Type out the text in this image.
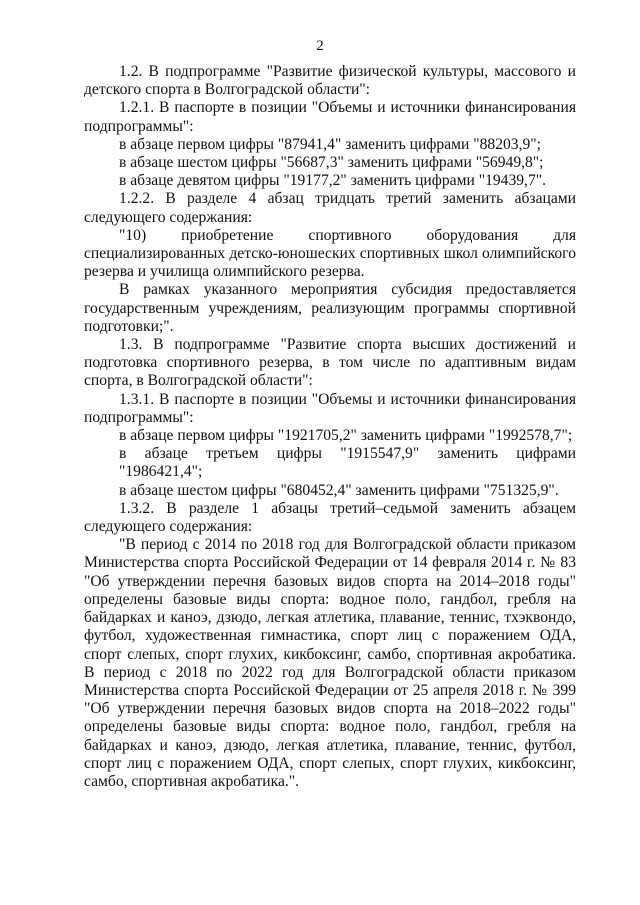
2

1.2. В подпрограмме "Развитие физической культуры, массового и детского спорта в Волгоградской области":

1.2.1. В паспорте в позиции "Объемы и источники финансирования подпрограммы":

в абзаце первом цифры "87941,4" заменить цифрами "88203,9";

в абзаце шестом цифры "56687,3" заменить цифрами "56949,8";

в абзаце девятом цифры "19177,2" заменить цифрами "19439,7".

1.2.2. В разделе 4 абзац тридцать третий заменить абзацами следующего содержания:

"10) приобретение спортивного оборудования для специализированных детско-юношеских спортивных школ олимпийского резерва и училища олимпийского резерва.

В рамках указанного мероприятия субсидия предоставляется государственным учреждениям, реализующим программы спортивной подготовки;".

1.3. В подпрограмме "Развитие спорта высших достижений и подготовка спортивного резерва, в том числе по адаптивным видам спорта, в Волгоградской области":

1.3.1. В паспорте в позиции "Объемы и источники финансирования подпрограммы":

в абзаце первом цифры "1921705,2" заменить цифрами "1992578,7";

в абзаце третьем цифры "1915547,9" заменить цифрами "1986421,4";

в абзаце шестом цифры "680452,4" заменить цифрами "751325,9".

1.3.2. В разделе 1 абзацы третий–седьмой заменить абзацем следующего содержания:

"В период с 2014 по 2018 год для Волгоградской области приказом Министерства спорта Российской Федерации от 14 февраля 2014 г. № 83 "Об утверждении перечня базовых видов спорта на 2014–2018 годы" определены базовые виды спорта: водное поло, гандбол, гребля на байдарках и каноэ, дзюдо, легкая атлетика, плавание, теннис, тхэквондо, футбол, художественная гимнастика, спорт лиц с поражением ОДА, спорт слепых, спорт глухих, кикбоксинг, самбо, спортивная акробатика. В период с 2018 по 2022 год для Волгоградской области приказом Министерства спорта Российской Федерации от 25 апреля 2018 г. № 399 "Об утверждении перечня базовых видов спорта на 2018–2022 годы" определены базовые виды спорта: водное поло, гандбол, гребля на байдарках и каноэ, дзюдо, легкая атлетика, плавание, теннис, футбол, спорт лиц с поражением ОДА, спорт слепых, спорт глухих, кикбоксинг, самбо, спортивная акробатика.".
